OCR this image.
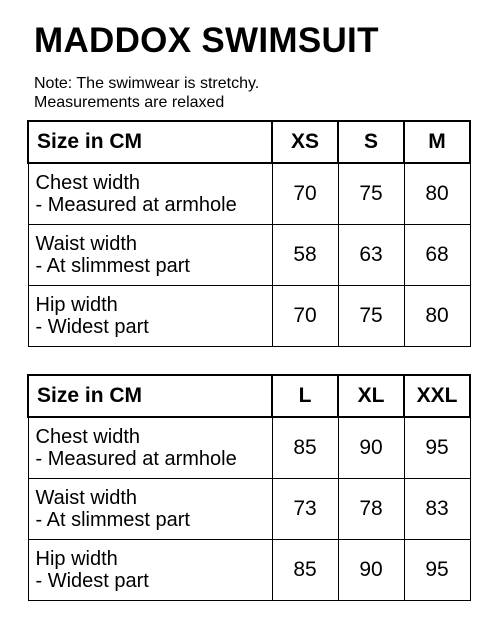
MADDOX SWIMSUIT
Note: The swimwear is stretchy.
Measurements are relaxed
Size in CM	XS	S	M

Chest width
- Measured at armhole	70	75	80

Waist width
- At slimmest part	58	63	68

Hip width
- Widest part	70	75	80
Size in CM	L	XL	XXL

Chest width
- Measured at armhole	85	90	95

Waist width
- At slimmest part	73	78	83

Hip width
- Widest part	85	90	95
